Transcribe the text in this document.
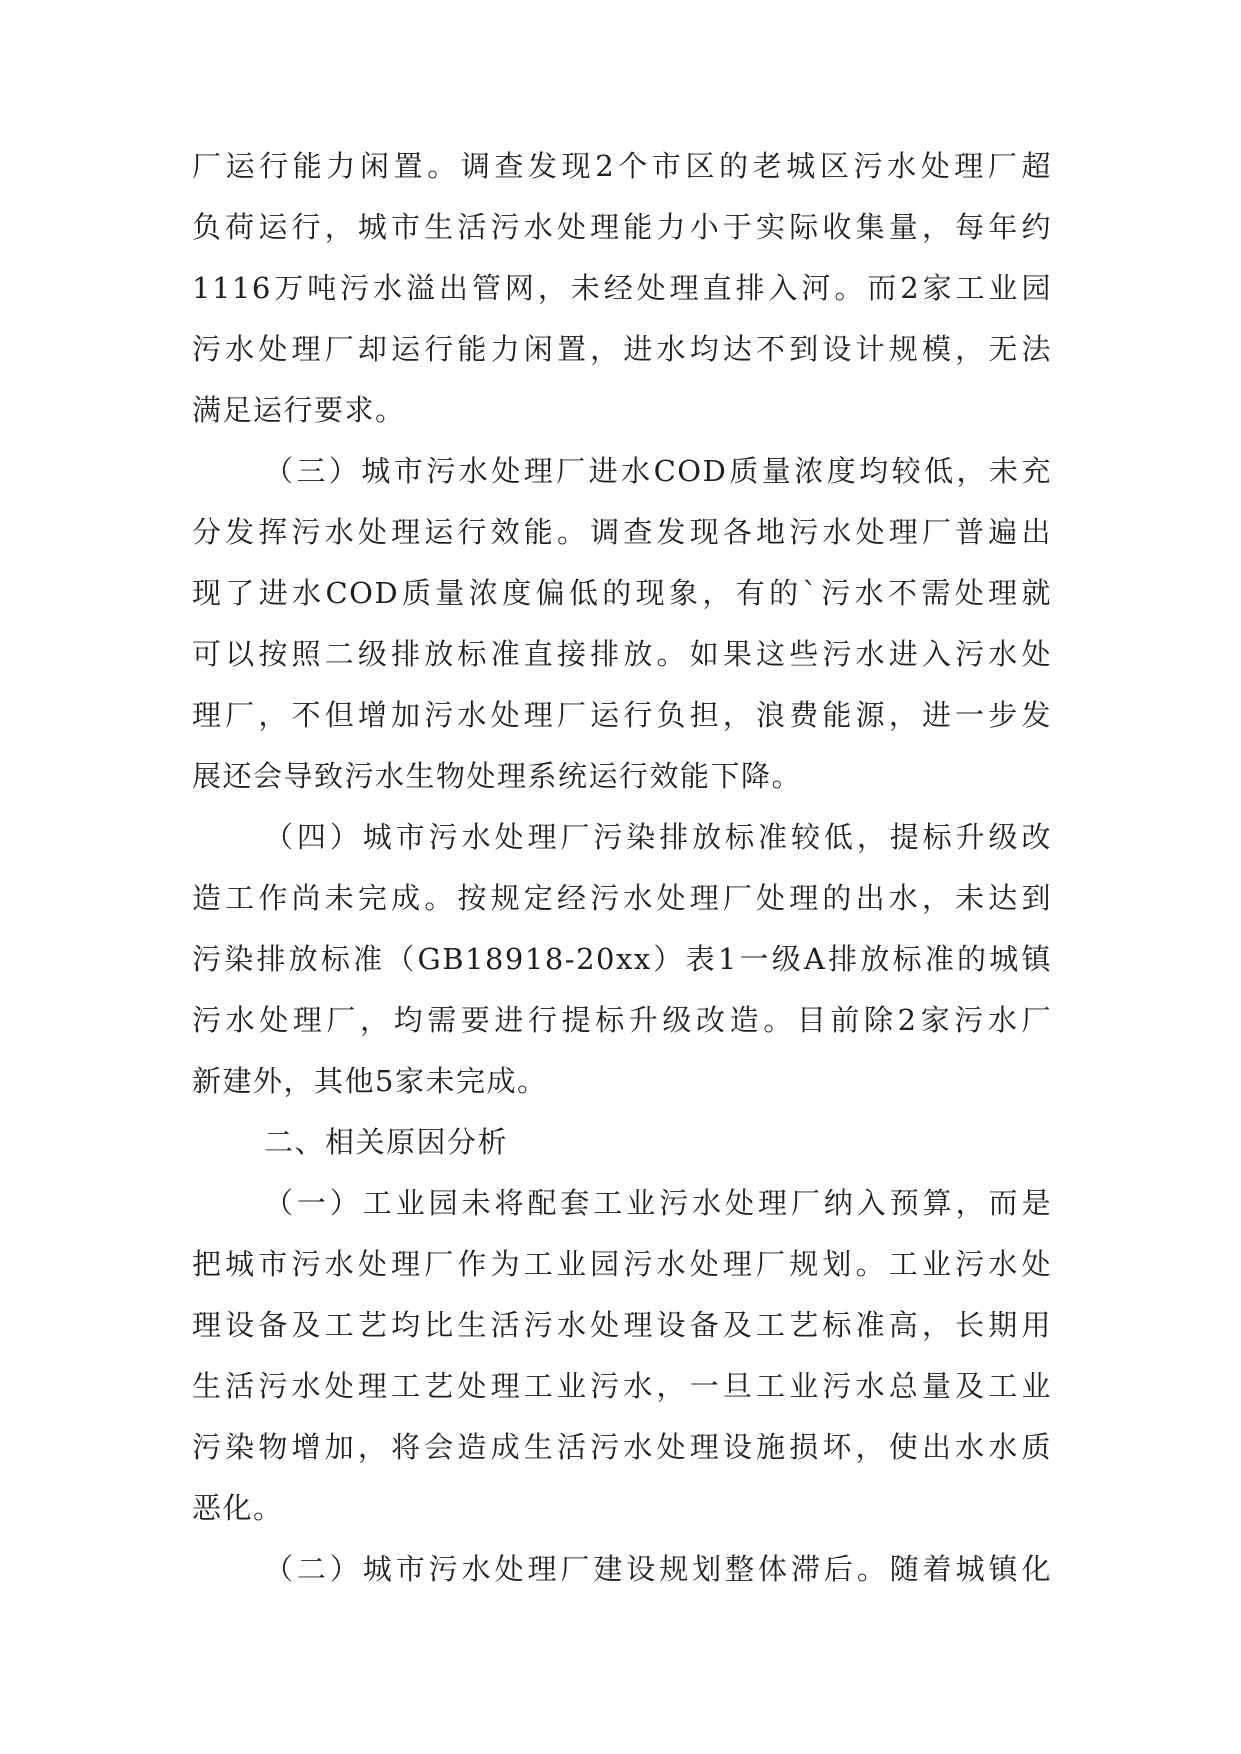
厂运行能力闲置。调查发现2个市区的老城区污水处理厂超
负荷运行，城市生活污水处理能力小于实际收集量，每年约
1116万吨污水溢出管网，未经处理直排入河。而2家工业园
污水处理厂却运行能力闲置，进水均达不到设计规模，无法
满足运行要求。
（三）城市污水处理厂进水COD质量浓度均较低，未充
分发挥污水处理运行效能。调查发现各地污水处理厂普遍出
现了进水COD质量浓度偏低的现象，有的`污水不需处理就
可以按照二级排放标准直接排放。如果这些污水进入污水处
理厂，不但增加污水处理厂运行负担，浪费能源，进一步发
展还会导致污水生物处理系统运行效能下降。
（四）城市污水处理厂污染排放标准较低，提标升级改
造工作尚未完成。按规定经污水处理厂处理的出水，未达到
污染排放标准（GB18918-20xx）表1一级A排放标准的城镇
污水处理厂，均需要进行提标升级改造。目前除2家污水厂
新建外，其他5家未完成。
二、相关原因分析
（一）工业园未将配套工业污水处理厂纳入预算，而是
把城市污水处理厂作为工业园污水处理厂规划。工业污水处
理设备及工艺均比生活污水处理设备及工艺标准高，长期用
生活污水处理工艺处理工业污水，一旦工业污水总量及工业
污染物增加，将会造成生活污水处理设施损坏，使出水水质
恶化。
（二）城市污水处理厂建设规划整体滞后。随着城镇化
